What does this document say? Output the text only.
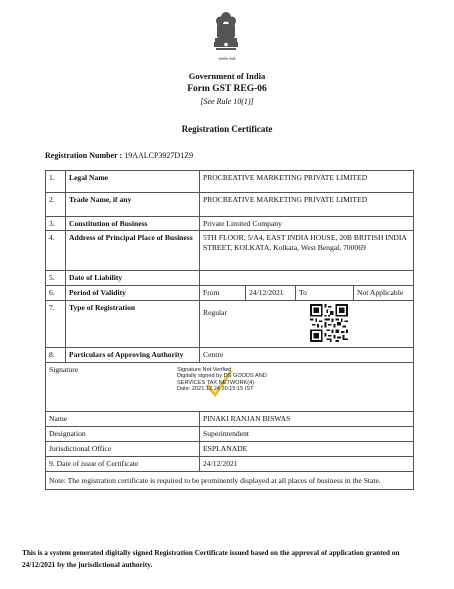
सत्यमेव जयते
Government of India
Form GST REG-06
[See Rule 10(1)]
Registration Certificate
Registration Number : 19AALCP3927D1Z9
1.	Legal Name	PROCREATIVE MARKETING PRIVATE LIMITED			
2.	Trade Name, if any	PROCREATIVE MARKETING PRIVATE LIMITED			
3.	Constitution of Business	Private Limited Company			
4.	Address of Principal Place of Business	5TH FLOOR, 5/A4, EAST INDIA HOUSE, 20B BRITISH INDIA STREET, KOLKATA, Kolkata, West Bengal, 700069			
5.	Date of Liability				
6.	Period of Validity	From	24/12/2021	To	Not Applicable
7.	Type of Registration	Regular			

8.	Particulars of Approving Authority	Centre			

Signature Signature Not Verified
Digitally signed by DS GOODS AND
SERVICES TAX NETWORK(4)
Date: 2021.12.24 20:15:15 IST					

Name		PINAKI RANJAN BISWAS			
Designation		Superintendent			
Jurisdictional Office		ESPLANADE			
9. Date of issue of Certificate		24/12/2021			
Note: The registration certificate is required to be prominently displayed at all places of business in the State.					
This is a system generated digitally signed Registration Certificate issued based on the approval of application granted on 24/12/2021 by the jurisdictional authority.
